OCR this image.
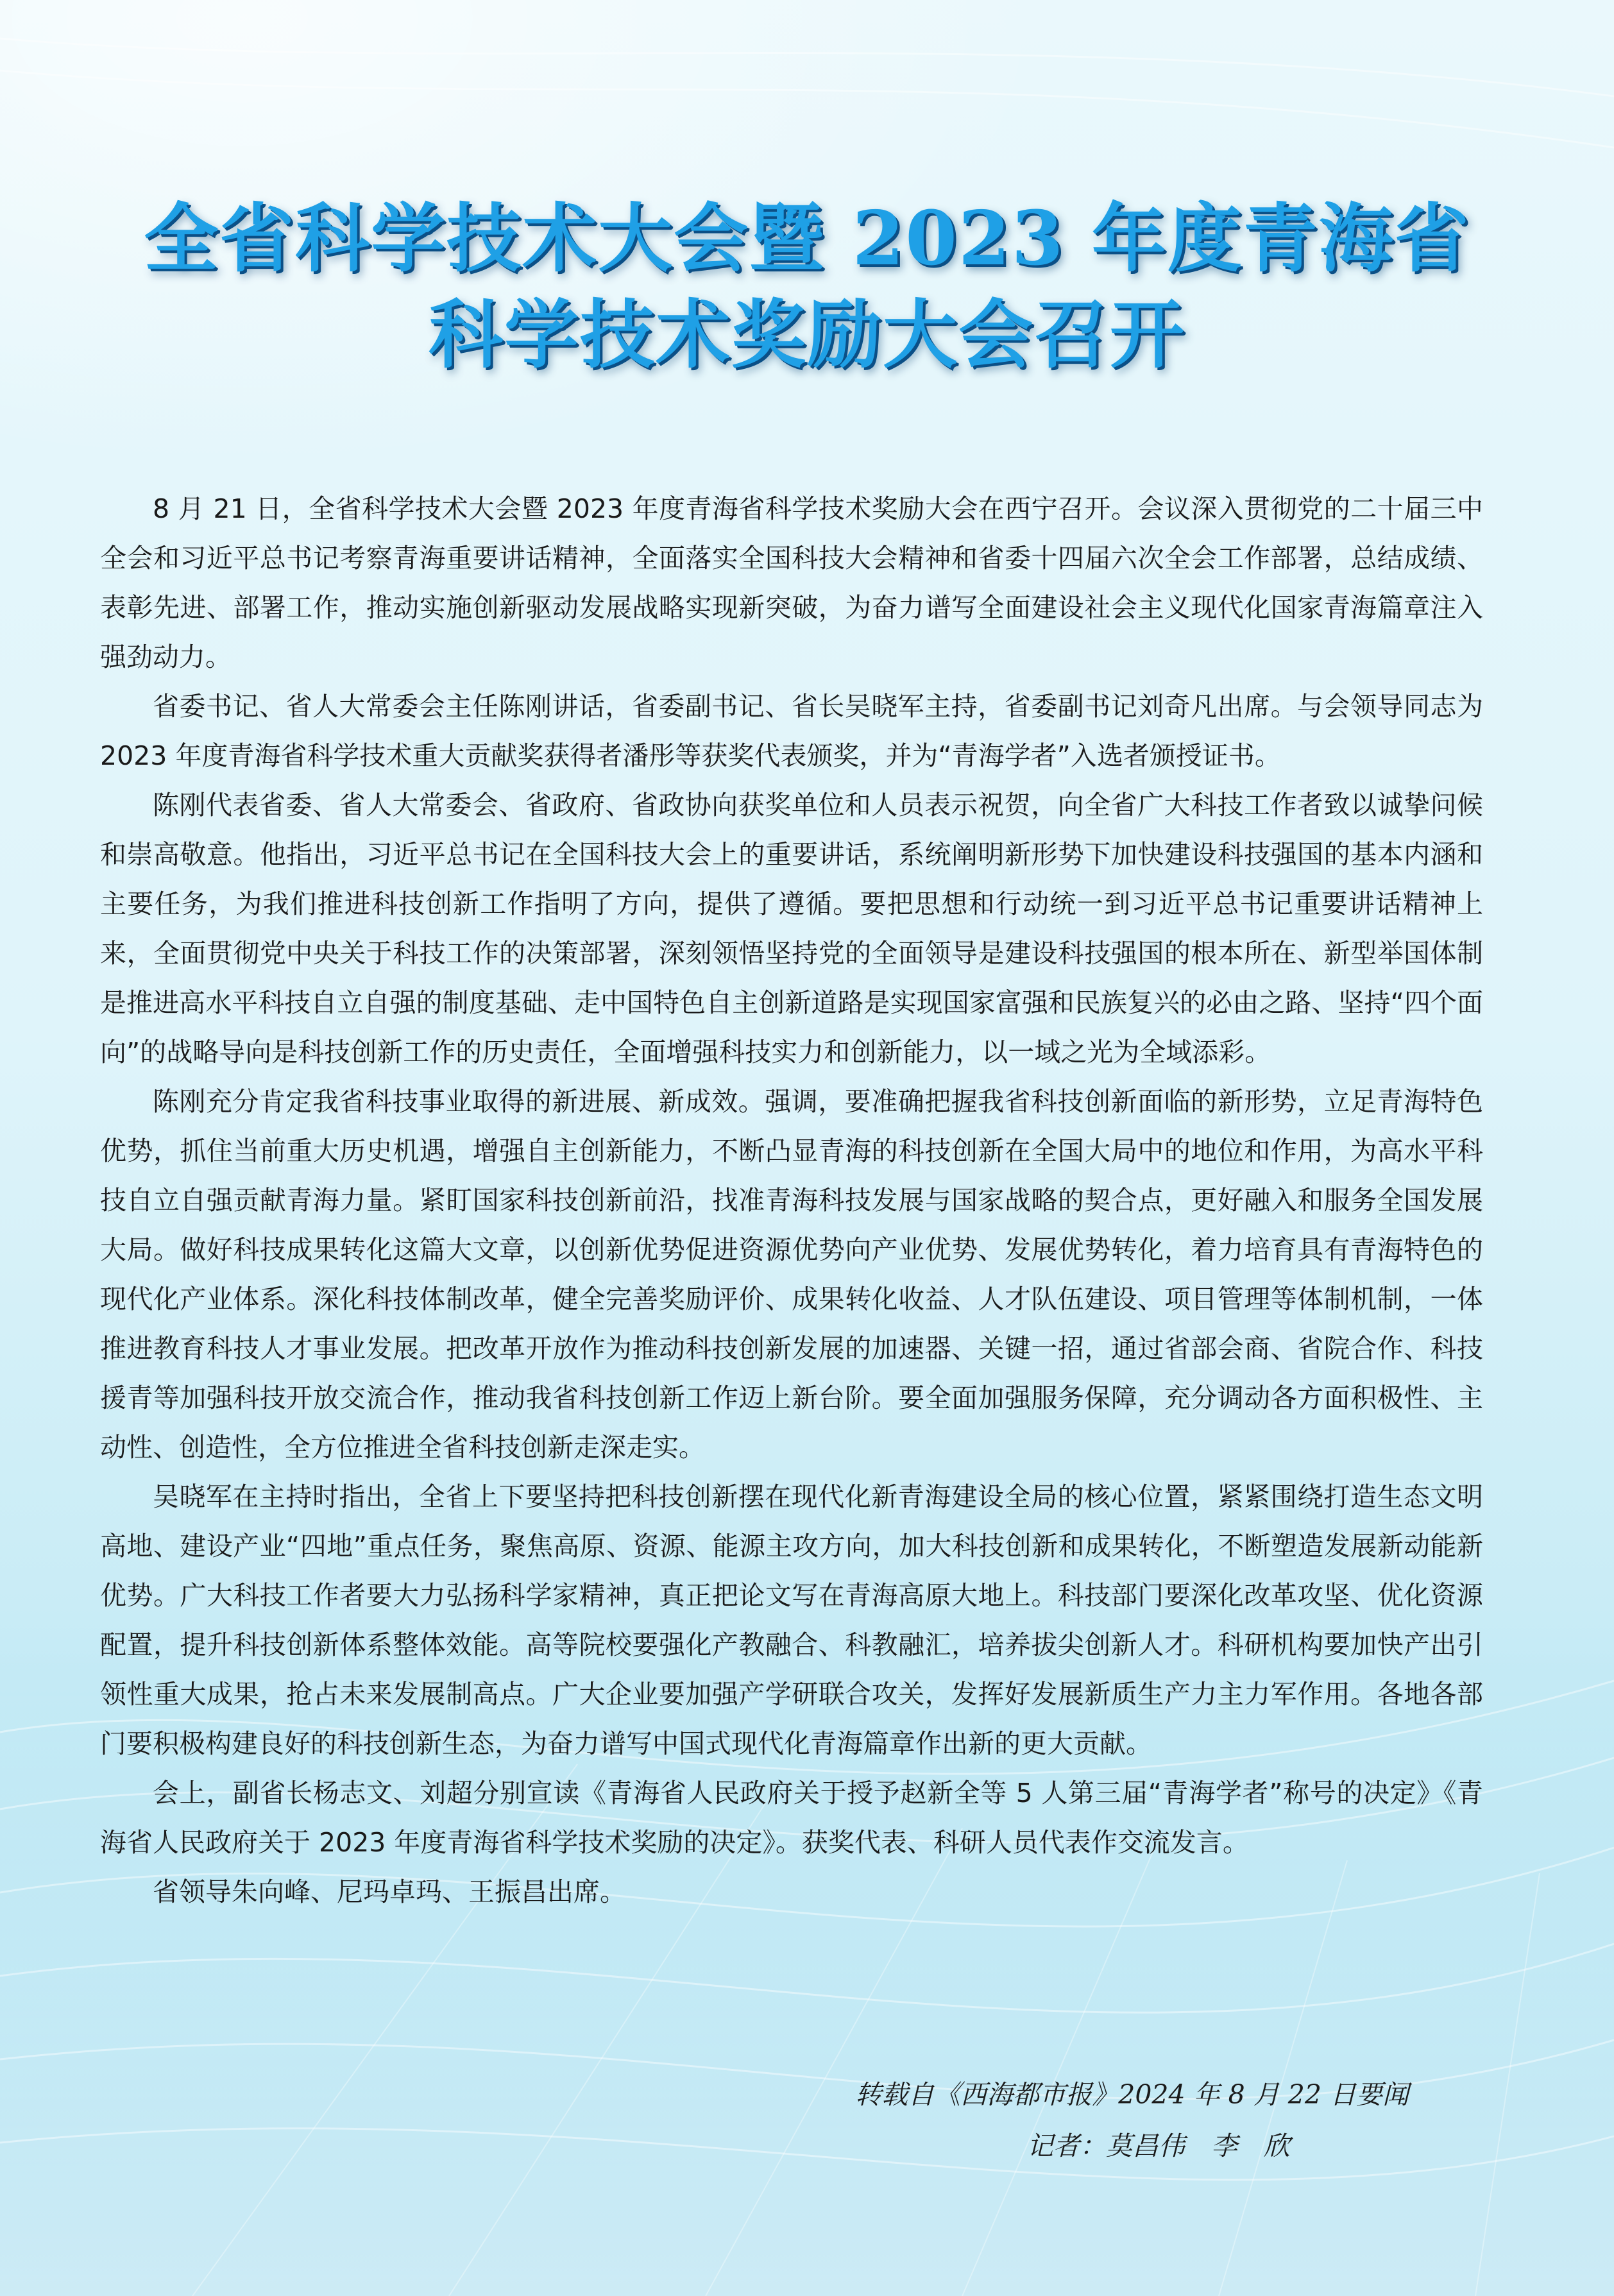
全省科学技术大会暨 2023 年度青海省
科学技术奖励大会召开

8 月 21 日，全省科学技术大会暨 2023 年度青海省科学技术奖励大会在西宁召开。会议深入贯彻党的二十届三中全会和习近平总书记考察青海重要讲话精神，全面落实全国科技大会精神和省委十四届六次全会工作部署，总结成绩、表彰先进、部署工作，推动实施创新驱动发展战略实现新突破，为奋力谱写全面建设社会主义现代化国家青海篇章注入强劲动力。

省委书记、省人大常委会主任陈刚讲话，省委副书记、省长吴晓军主持，省委副书记刘奇凡出席。与会领导同志为 2023 年度青海省科学技术重大贡献奖获得者潘彤等获奖代表颁奖，并为“青海学者”入选者颁授证书。

陈刚代表省委、省人大常委会、省政府、省政协向获奖单位和人员表示祝贺，向全省广大科技工作者致以诚挚问候和崇高敬意。他指出，习近平总书记在全国科技大会上的重要讲话，系统阐明新形势下加快建设科技强国的基本内涵和主要任务，为我们推进科技创新工作指明了方向，提供了遵循。要把思想和行动统一到习近平总书记重要讲话精神上来，全面贯彻党中央关于科技工作的决策部署，深刻领悟坚持党的全面领导是建设科技强国的根本所在、新型举国体制是推进高水平科技自立自强的制度基础、走中国特色自主创新道路是实现国家富强和民族复兴的必由之路、坚持“四个面向”的战略导向是科技创新工作的历史责任，全面增强科技实力和创新能力，以一域之光为全域添彩。

陈刚充分肯定我省科技事业取得的新进展、新成效。强调，要准确把握我省科技创新面临的新形势，立足青海特色优势，抓住当前重大历史机遇，增强自主创新能力，不断凸显青海的科技创新在全国大局中的地位和作用，为高水平科技自立自强贡献青海力量。紧盯国家科技创新前沿，找准青海科技发展与国家战略的契合点，更好融入和服务全国发展大局。做好科技成果转化这篇大文章，以创新优势促进资源优势向产业优势、发展优势转化，着力培育具有青海特色的现代化产业体系。深化科技体制改革，健全完善奖励评价、成果转化收益、人才队伍建设、项目管理等体制机制，一体推进教育科技人才事业发展。把改革开放作为推动科技创新发展的加速器、关键一招，通过省部会商、省院合作、科技援青等加强科技开放交流合作，推动我省科技创新工作迈上新台阶。要全面加强服务保障，充分调动各方面积极性、主动性、创造性，全方位推进全省科技创新走深走实。

吴晓军在主持时指出，全省上下要坚持把科技创新摆在现代化新青海建设全局的核心位置，紧紧围绕打造生态文明高地、建设产业“四地”重点任务，聚焦高原、资源、能源主攻方向，加大科技创新和成果转化，不断塑造发展新动能新优势。广大科技工作者要大力弘扬科学家精神，真正把论文写在青海高原大地上。科技部门要深化改革攻坚、优化资源配置，提升科技创新体系整体效能。高等院校要强化产教融合、科教融汇，培养拔尖创新人才。科研机构要加快产出引领性重大成果，抢占未来发展制高点。广大企业要加强产学研联合攻关，发挥好发展新质生产力主力军作用。各地各部门要积极构建良好的科技创新生态，为奋力谱写中国式现代化青海篇章作出新的更大贡献。

会上，副省长杨志文、刘超分别宣读《青海省人民政府关于授予赵新全等 5 人第三届“青海学者”称号的决定》《青海省人民政府关于 2023 年度青海省科学技术奖励的决定》。获奖代表、科研人员代表作交流发言。

省领导朱向峰、尼玛卓玛、王振昌出席。

转载自《西海都市报》2024 年 8 月 22 日要闻
记者：莫昌伟　李　欣
